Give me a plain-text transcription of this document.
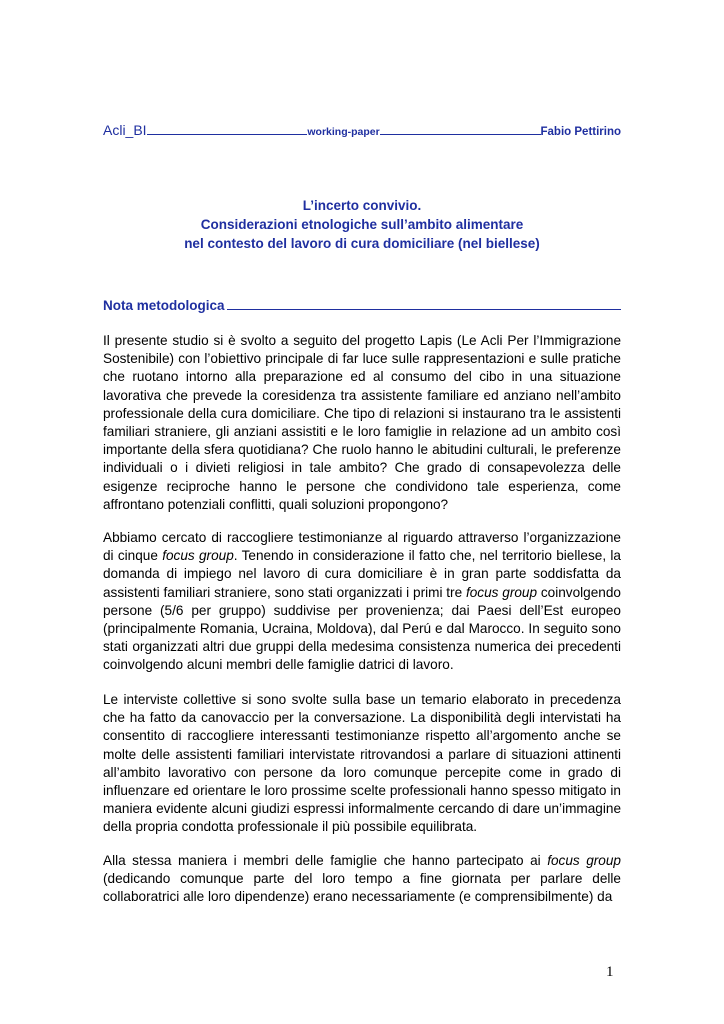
Acli_BI	working-paper	Fabio Pettirino
L’incerto convivio.
Considerazioni etnologiche sull’ambito alimentare
nel contesto del lavoro di cura domiciliare (nel biellese)
Nota metodologica

Il presente studio si è svolto a seguito del progetto Lapis (Le Acli Per l’Immigrazione Sostenibile) con l’obiettivo principale di far luce sulle rappresentazioni e sulle pratiche che ruotano intorno alla preparazione ed al consumo del cibo in una situazione lavorativa che prevede la coresidenza tra assistente familiare ed anziano nell’ambito professionale della cura domiciliare. Che tipo di relazioni si instaurano tra le assistenti familiari straniere, gli anziani assistiti e le loro famiglie in relazione ad un ambito così importante della sfera quotidiana? Che ruolo hanno le abitudini culturali, le preferenze individuali o i divieti religiosi in tale ambito? Che grado di consapevolezza delle esigenze reciproche hanno le persone che condividono tale esperienza, come affrontano potenziali conflitti, quali soluzioni propongono?

Abbiamo cercato di raccogliere testimonianze al riguardo attraverso l’organizzazione di cinque focus group. Tenendo in considerazione il fatto che, nel territorio biellese, la domanda di impiego nel lavoro di cura domiciliare è in gran parte soddisfatta da assistenti familiari straniere, sono stati organizzati i primi tre focus group coinvolgendo persone (5/6 per gruppo) suddivise per provenienza; dai Paesi dell’Est europeo (principalmente Romania, Ucraina, Moldova), dal Perú e dal Marocco. In seguito sono stati organizzati altri due gruppi della medesima consistenza numerica dei precedenti coinvolgendo alcuni membri delle famiglie datrici di lavoro.

Le interviste collettive si sono svolte sulla base un temario elaborato in precedenza che ha fatto da canovaccio per la conversazione. La disponibilità degli intervistati ha consentito di raccogliere interessanti testimonianze rispetto all’argomento anche se molte delle assistenti familiari intervistate ritrovandosi a parlare di situazioni attinenti all’ambito lavorativo con persone da loro comunque percepite come in grado di influenzare ed orientare le loro prossime scelte professionali hanno spesso mitigato in maniera evidente alcuni giudizi espressi informalmente cercando di dare un’immagine della propria condotta professionale il più possibile equilibrata.

Alla stessa maniera i membri delle famiglie che hanno partecipato ai focus group (dedicando comunque parte del loro tempo a fine giornata per parlare delle collaboratrici alle loro dipendenze) erano necessariamente (e comprensibilmente) da

1
